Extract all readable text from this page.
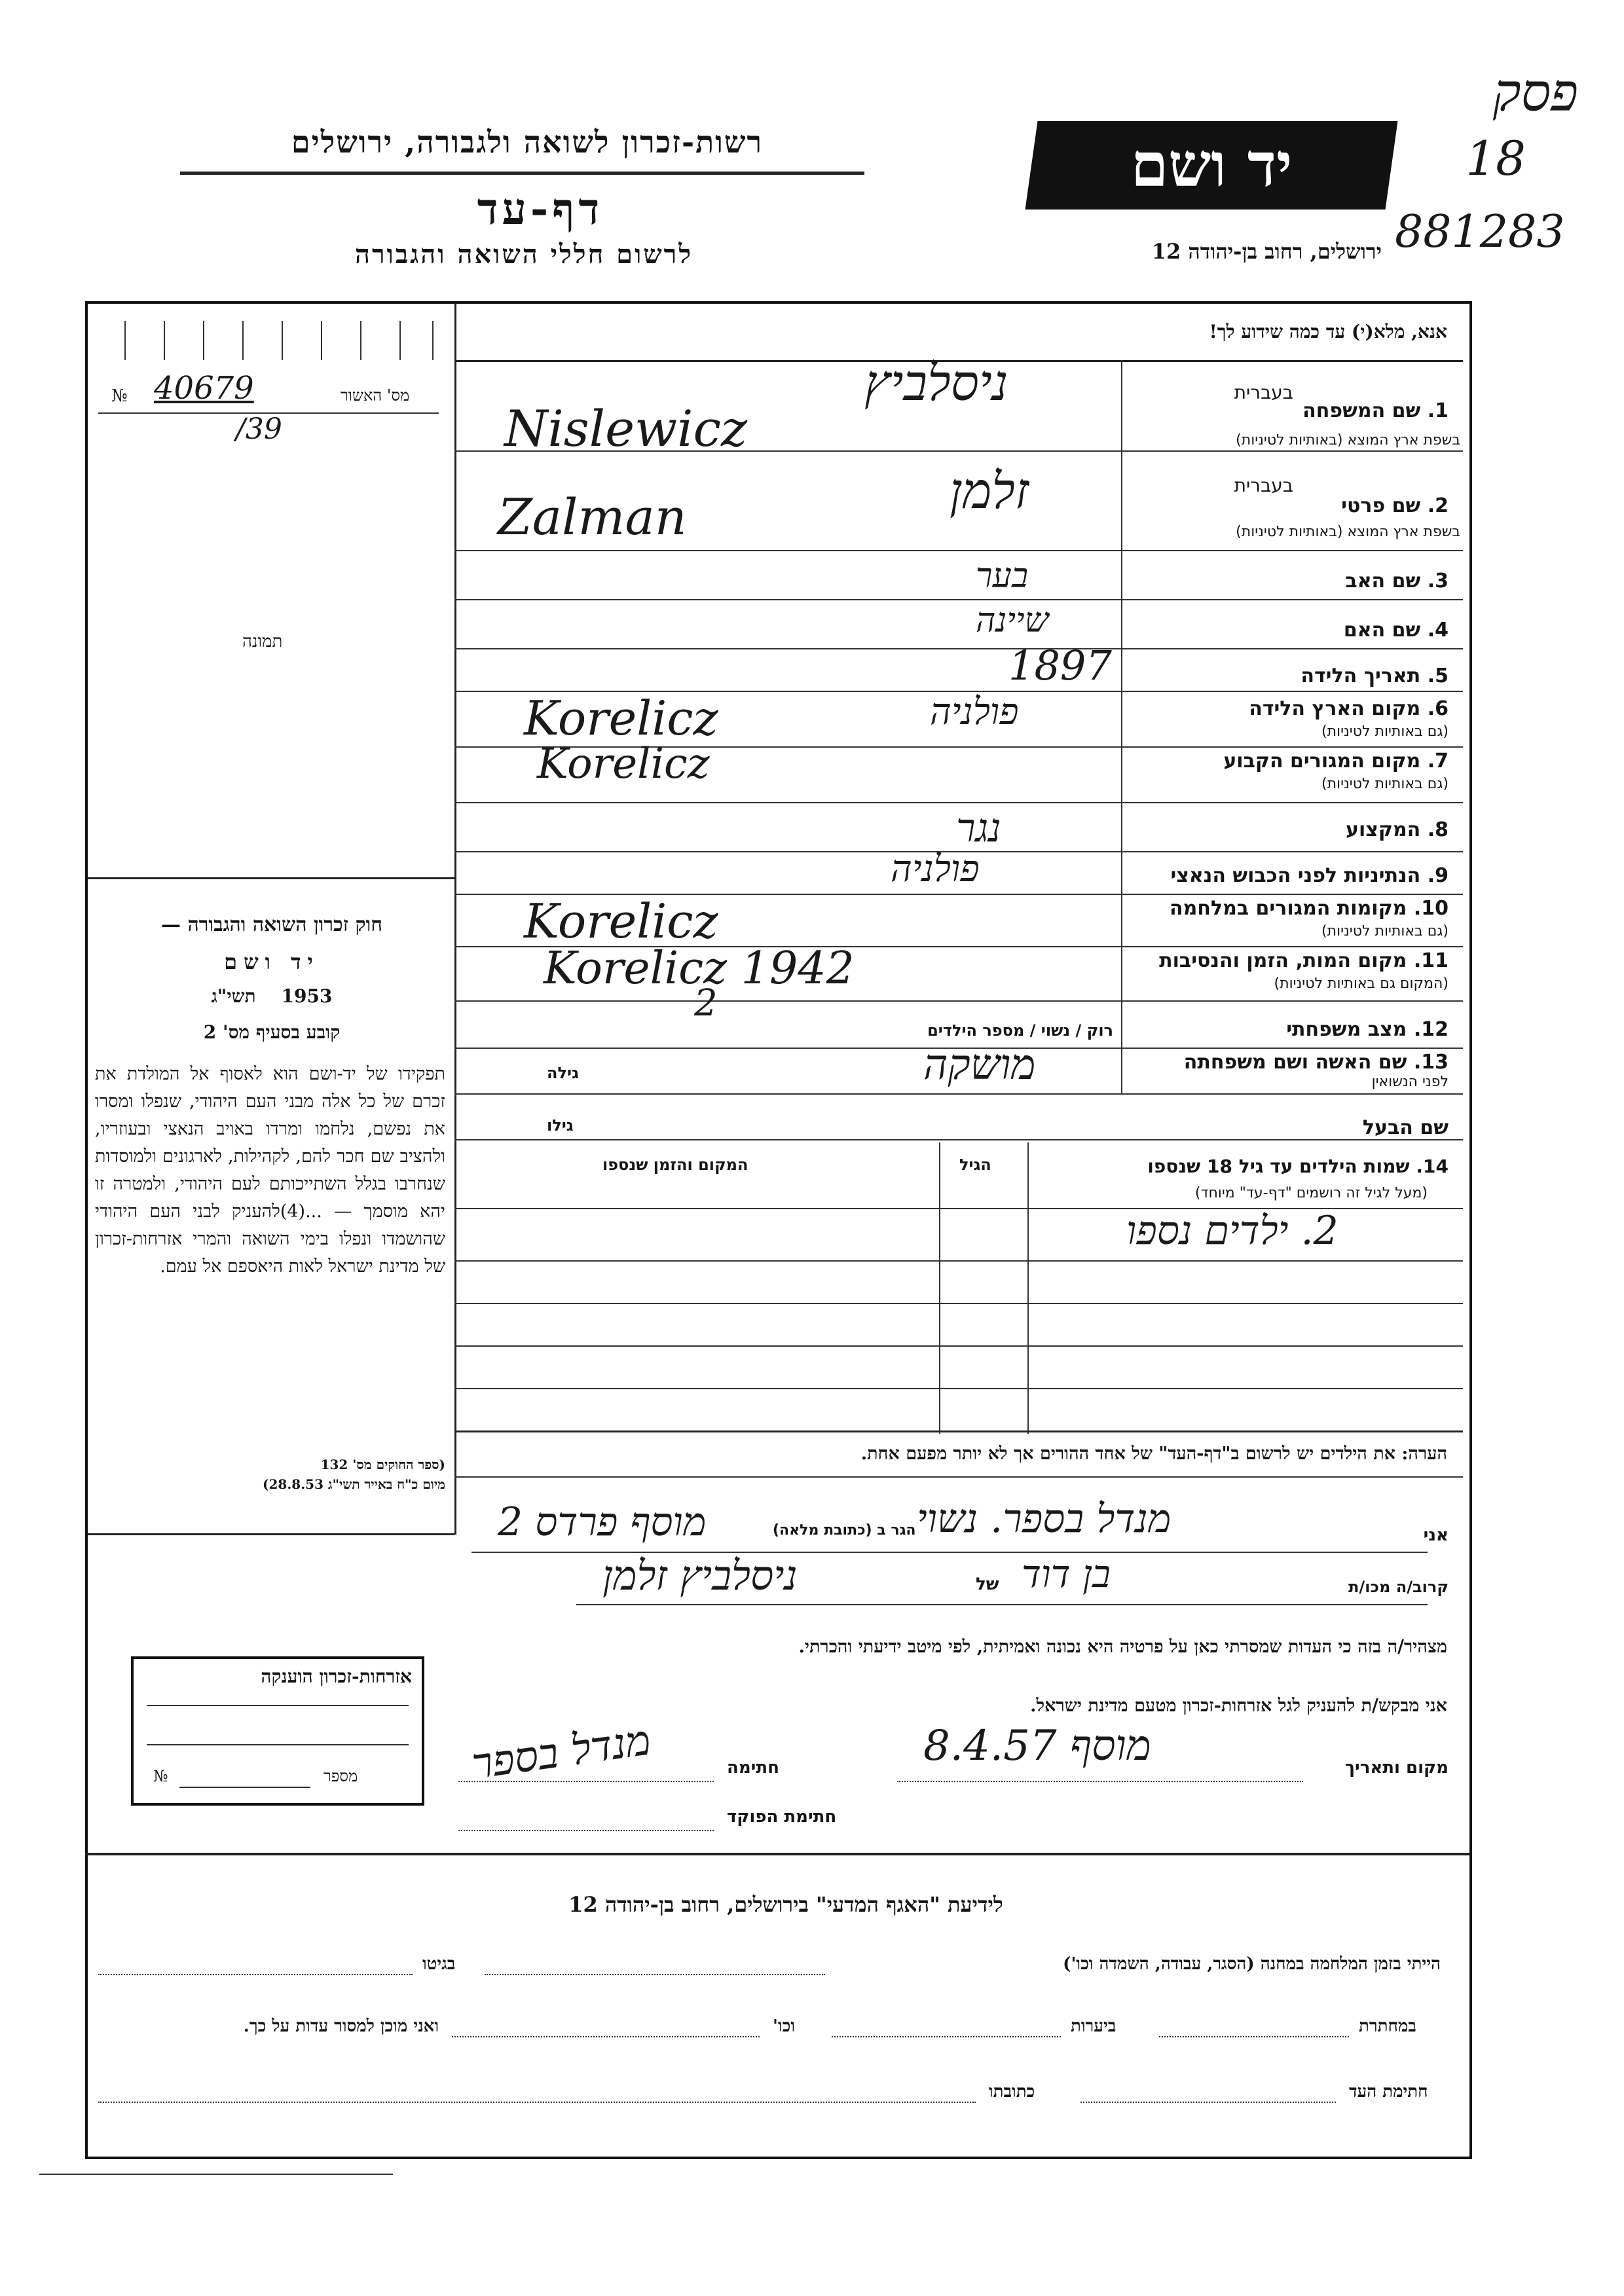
פסק
18
יד ושם
רשות-זכרון לשואה ולגבורה, ירושלים
דף-עד
לרשום חללי השואה והגבורה	ירושלים, רחוב בן-יהודה 12 881283
מס' האשור
№ 40679
/39
תמונה
חוק זכרון השואה והגבורה —
יד ושם
תשי"ג 1953
קובע בסעיף מס' 2
תפקידו של יד-ושם הוא לאסוף אל המולדת את זכרם של כל אלה מבני העם היהודי, שנפלו ומסרו את נפשם, נלחמו ומרדו באויב הנאצי ובעוזריו, ולהציב שם חכר להם, לקהילות, לארגונים ולמוסדות שנחרבו בגלל השתייכותם לעם היהודי, ולמטרה זו יהא מוסמך — ...(4)להעניק לבני העם היהודי שהושמדו ונפלו בימי השואה והמרי אזרחות-זכרון של מדינת ישראל לאות היאספם אל עמם.
(ספר החוקים מס' 132
מיום כ"ח באייר תשי"ג 28.8.53)
אזרחות-זכרון הוענקה
מספר
№
אנא, מלא(י) עד כמה שידוע לך!
1. שם המשפחה
בעברית
בשפת ארץ המוצא (באותיות לטיניות)
ניסלביץ
Nislewicz
2. שם פרטי
בעברית
בשפת ארץ המוצא (באותיות לטיניות)
זלמן
Zalman
3. שם האב
בער
4. שם האם
שיינה
5. תאריך הלידה
1897
6. מקום הארץ הלידה
(גם באותיות לטיניות)
פולניה
Korelicz
7. מקום המגורים הקבוע
(גם באותיות לטיניות)
Korelicz
8. המקצוע
נגר
9. הנתיניות לפני הכבוש הנאצי
פולניה
10. מקומות המגורים במלחמה
(גם באותיות לטיניות)
Korelicz
11. מקום המות, הזמן והנסיבות
(המקום גם באותיות לטיניות)
Korelicz 1942
12. מצב משפחתי
רוק / נשוי / מספר הילדים
2
13. שם האשה ושם משפחתה
לפני הנשואין
מושקה
גילה
שם הבעל
גילו
14. שמות הילדים עד גיל 18 שנספו
(מעל לגיל זה רושמים "דף-עד" מיוחד)
הגיל
המקום והזמן שנספו
2. ילדים נספו
הערה: את הילדים יש לרשום ב"דף-העד" של אחד ההורים אך לא יותר מפעם אחת.
אני
מנדל בספר. נשוי
הגר ב (כתובת מלאה)
מוסף פרדס 2
קרוב/ה מכו/ת
בן דוד
של
ניסלביץ זלמן
מצהיר/ה בזה כי העדות שמסרתי כאן על פרטיה היא נכונה ואמיתית, לפי מיטב ידיעתי והכרתי.
אני מבקש/ת להעניק לגל אזרחות-זכרון מטעם מדינת ישראל.
מקום ותאריך
מוסף 8.4.57
חתימה
מנדל בספר
חתימת הפוקד
לידיעת "האגף המדעי" בירושלים, רחוב בן-יהודה 12
הייתי בזמן המלחמה במחנה (הסגר, עבודה, השמדה וכו')
בגיטו
במחתרת
ביערות
וכו'
ואני מוכן למסור עדות על כך.
חתימת העד
כתובתו
